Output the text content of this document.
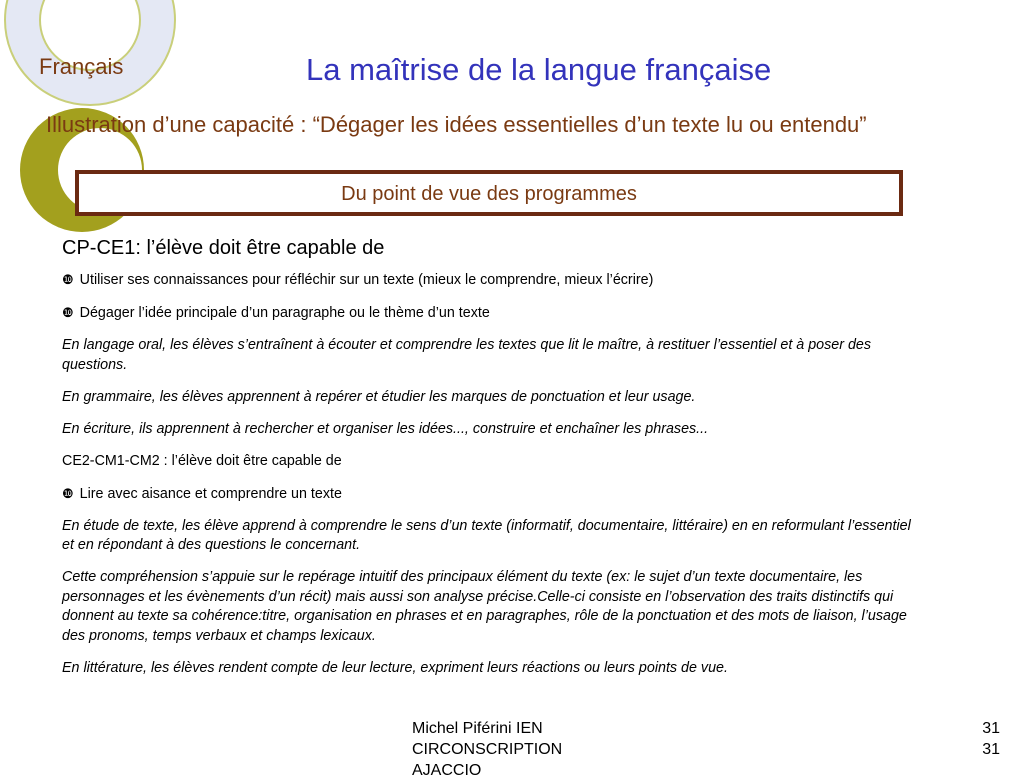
Français	La maîtrise de la langue française
Illustration d’une capacité : “Dégager les idées essentielles d’un texte lu ou entendu”
Du point de vue des programmes

CP-CE1: l’élève doit être capable de

❿ Utiliser ses connaissances pour réfléchir sur un texte (mieux le comprendre, mieux l’écrire)

❿ Dégager l’idée principale d’un paragraphe ou le thème d’un texte

En langage oral, les élèves s’entraînent à écouter et comprendre les textes que lit le maître, à restituer l’essentiel et à poser des questions.

En grammaire, les élèves apprennent à repérer et étudier les marques de ponctuation et leur usage.

En écriture, ils apprennent à rechercher et organiser les idées..., construire et enchaîner les phrases...

CE2-CM1-CM2 : l’élève doit être capable de

❿ Lire avec aisance et comprendre un texte

En étude de texte, les élève apprend à comprendre le sens d’un texte (informatif, documentaire, littéraire) en en reformulant l’essentiel et en répondant à des questions le concernant.

Cette compréhension s’appuie sur le repérage intuitif des principaux élément du texte (ex: le sujet d’un texte documentaire, les personnages et les évènements d’un récit) mais aussi son analyse précise.Celle-ci consiste en l’observation des traits distinctifs qui donnent au texte sa cohérence:titre, organisation en phrases et en paragraphes, rôle de la ponctuation et des mots de liaison, l’usage des pronoms, temps verbaux et champs lexicaux.

En littérature, les élèves rendent compte de leur lecture, expriment leurs réactions ou leurs points de vue.

Michel Piférini IEN
CIRCONSCRIPTION
AJACCIO
31
31
